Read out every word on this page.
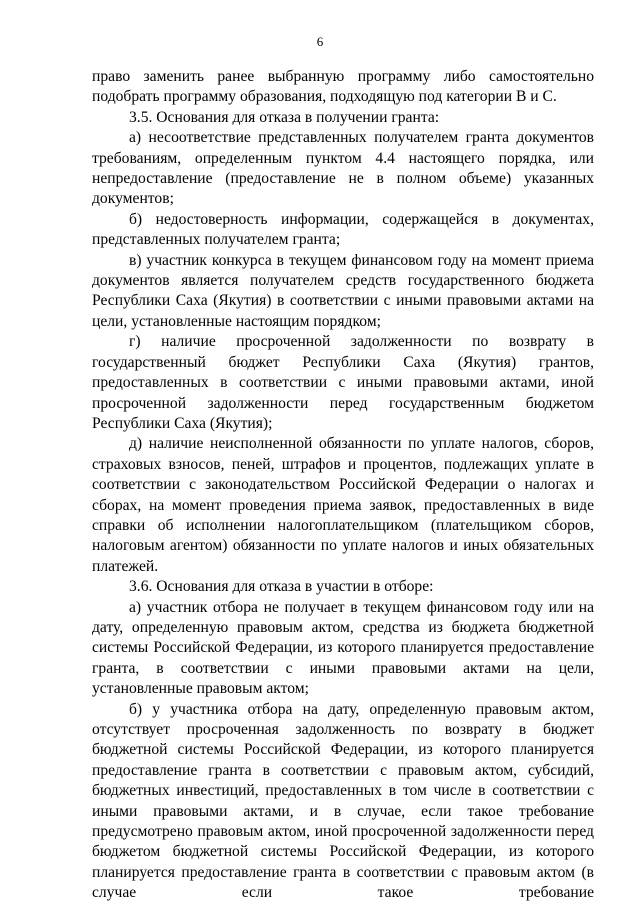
6

право заменить ранее выбранную программу либо самостоятельно подобрать программу образования, подходящую под категории В и С.

3.5. Основания для отказа в получении гранта:

а) несоответствие представленных получателем гранта документов требованиям, определенным пунктом 4.4 настоящего порядка, или непредоставление (предоставление не в полном объеме) указанных документов;

б) недостоверность информации, содержащейся в документах, представленных получателем гранта;

в) участник конкурса в текущем финансовом году на момент приема документов является получателем средств государственного бюджета Республики Саха (Якутия) в соответствии с иными правовыми актами на цели, установленные настоящим порядком;

г) наличие просроченной задолженности по возврату в государственный бюджет Республики Саха (Якутия) грантов, предоставленных в соответствии с иными правовыми актами, иной просроченной задолженности перед государственным бюджетом Республики Саха (Якутия);

д) наличие неисполненной обязанности по уплате налогов, сборов, страховых взносов, пеней, штрафов и процентов, подлежащих уплате в соответствии с законодательством Российской Федерации о налогах и сборах, на момент проведения приема заявок, предоставленных в виде справки об исполнении налогоплательщиком (плательщиком сборов, налоговым агентом) обязанности по уплате налогов и иных обязательных платежей.

3.6. Основания для отказа в участии в отборе:

а) участник отбора не получает в текущем финансовом году или на дату, определенную правовым актом, средства из бюджета бюджетной системы Российской Федерации, из которого планируется предоставление гранта, в соответствии с иными правовыми актами на цели, установленные правовым актом;

б) у участника отбора на дату, определенную правовым актом, отсутствует просроченная задолженность по возврату в бюджет бюджетной системы Российской Федерации, из которого планируется предоставление гранта в соответствии с правовым актом, субсидий, бюджетных инвестиций, предоставленных в том числе в соответствии с иными правовыми актами, и в случае, если такое требование предусмотрено правовым актом, иной просроченной задолженности перед бюджетом бюджетной системы Российской Федерации, из которого планируется предоставление гранта в соответствии с правовым актом (в случае если такое требование
